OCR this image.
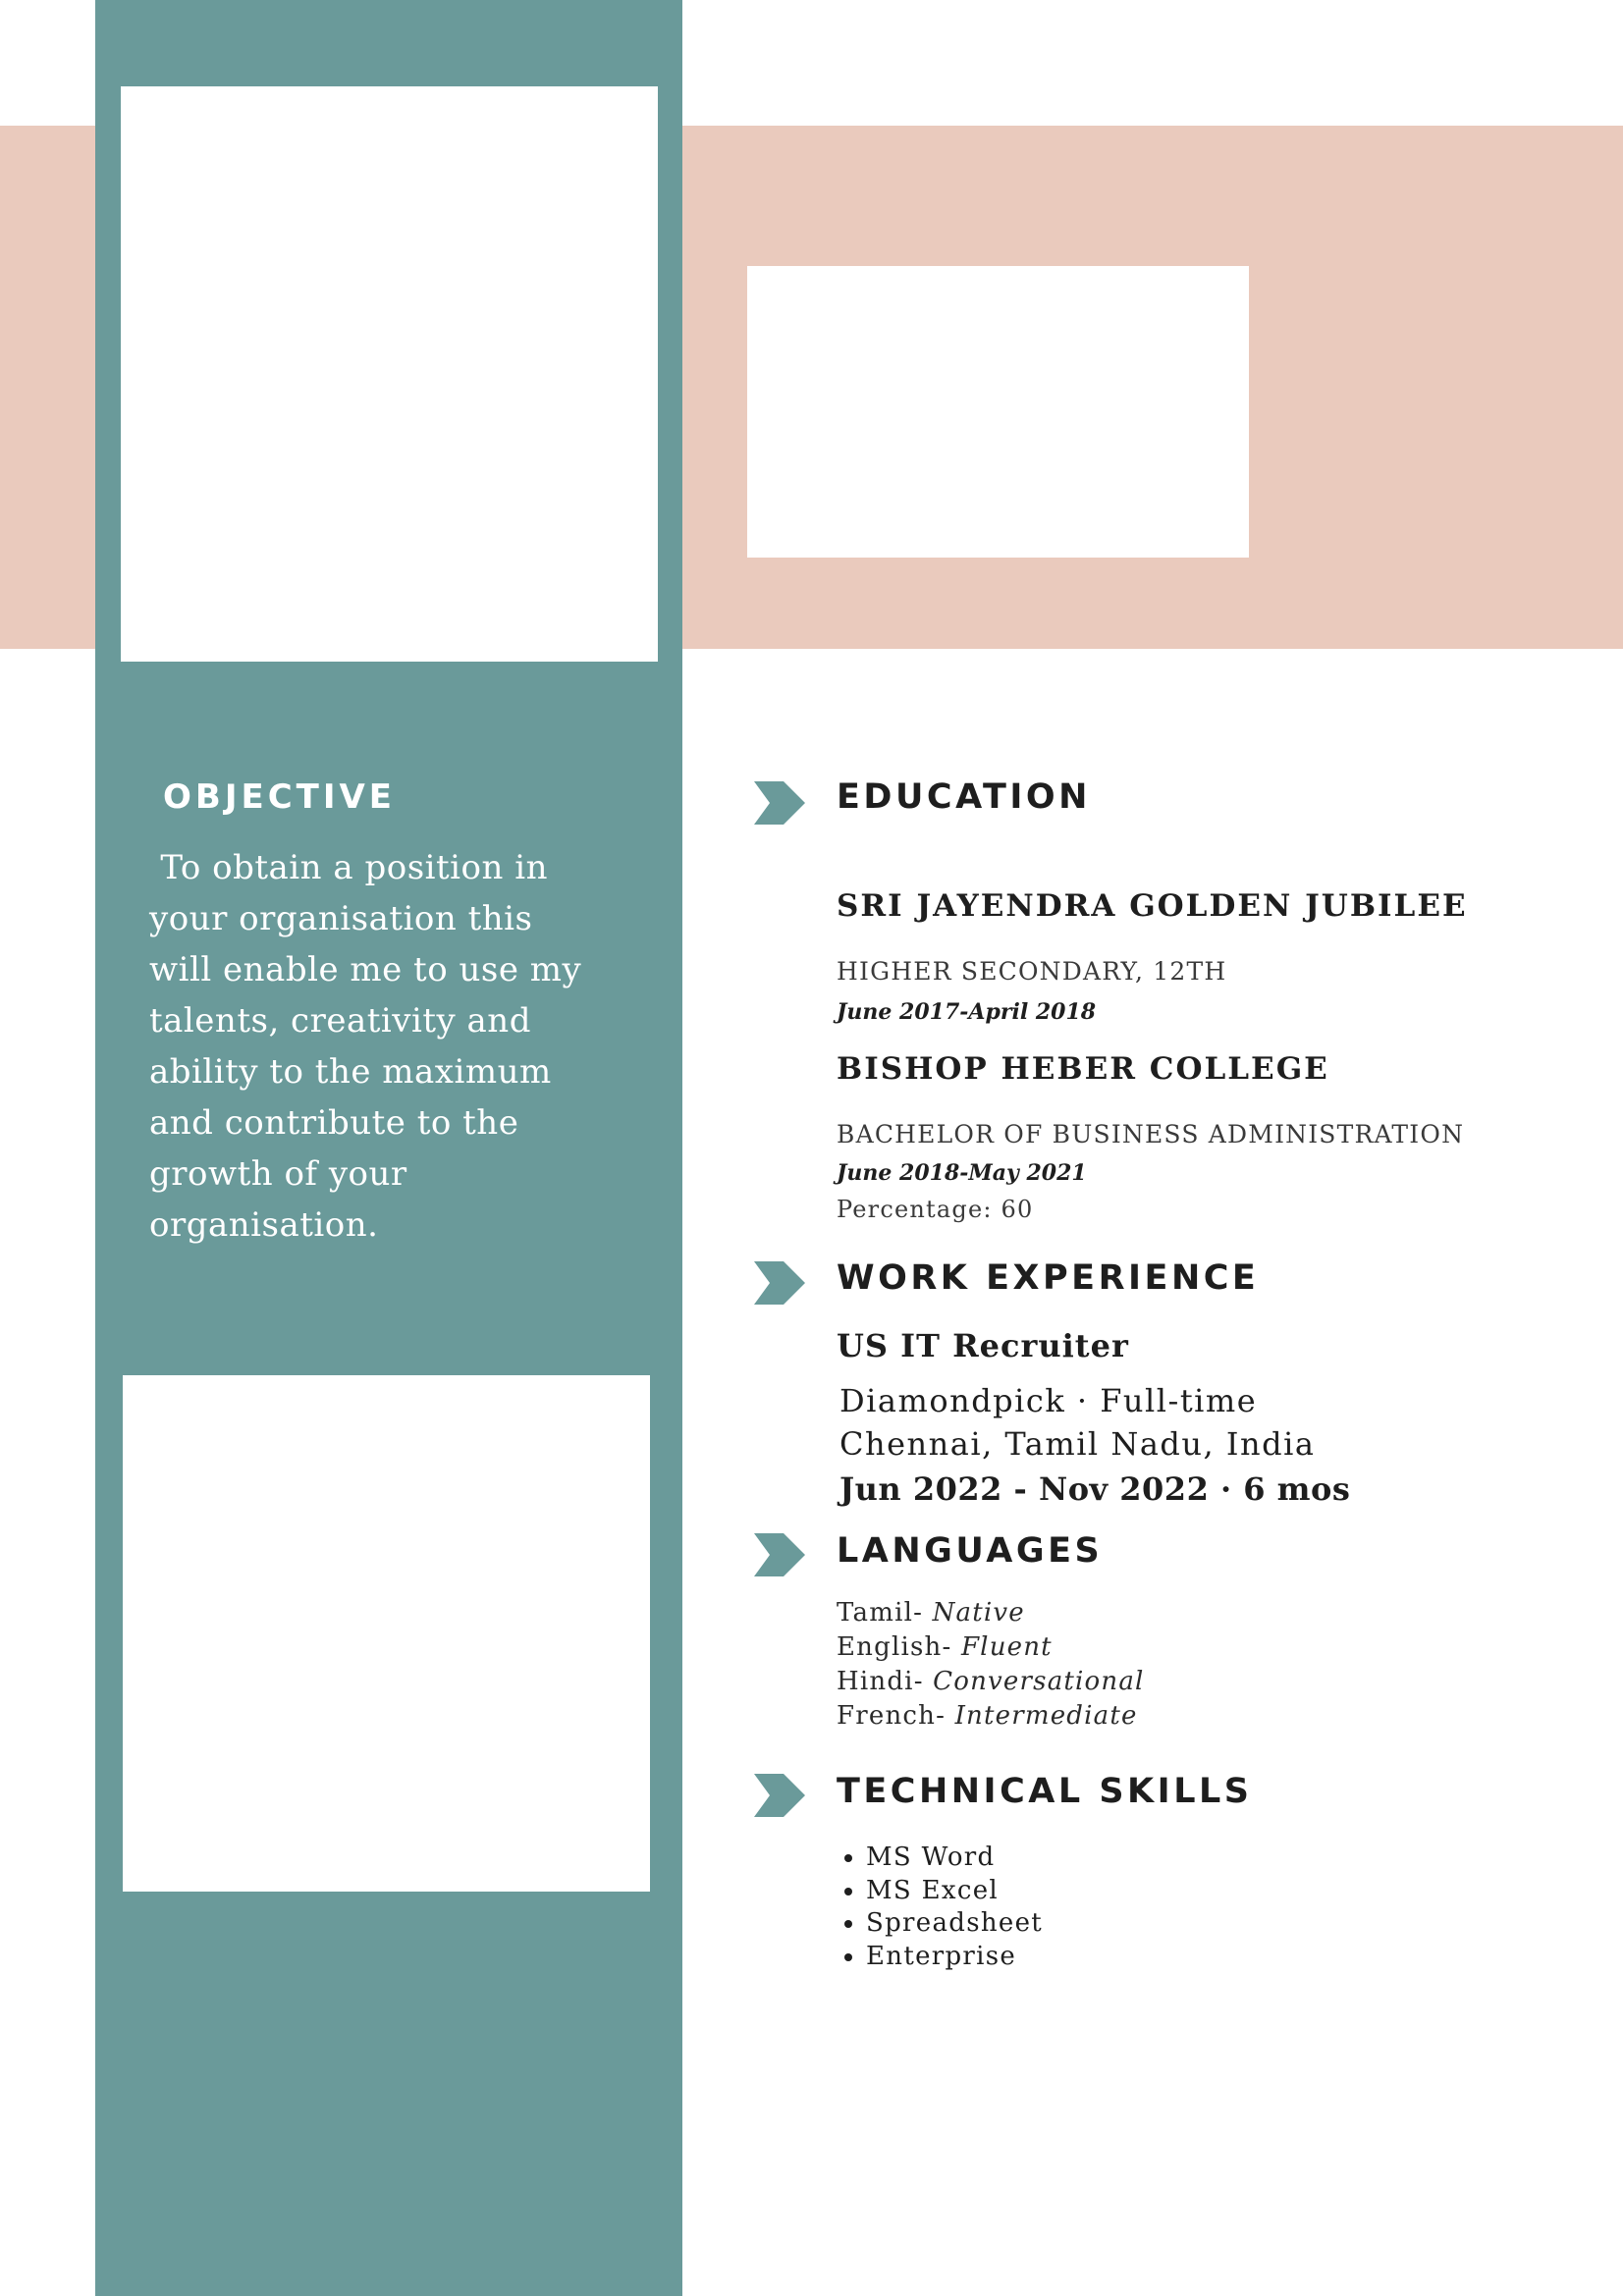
OBJECTIVE
To obtain a position in
your organisation this
will enable me to use my
talents, creativity and
ability to the maximum
and contribute to the
growth of your
organisation.
EDUCATION
SRI JAYENDRA GOLDEN JUBILEE
HIGHER SECONDARY, 12TH
June 2017-April 2018
BISHOP HEBER COLLEGE
BACHELOR OF BUSINESS ADMINISTRATION
June 2018-May 2021
Percentage: 60
WORK EXPERIENCE
US IT Recruiter
Diamondpick · Full-time
Chennai, Tamil Nadu, India
Jun 2022 - Nov 2022 · 6 mos
LANGUAGES
Tamil- Native
English- Fluent
Hindi- Conversational
French- Intermediate
TECHNICAL SKILLS
• MS Word
• MS Excel
• Spreadsheet
• Enterprise
